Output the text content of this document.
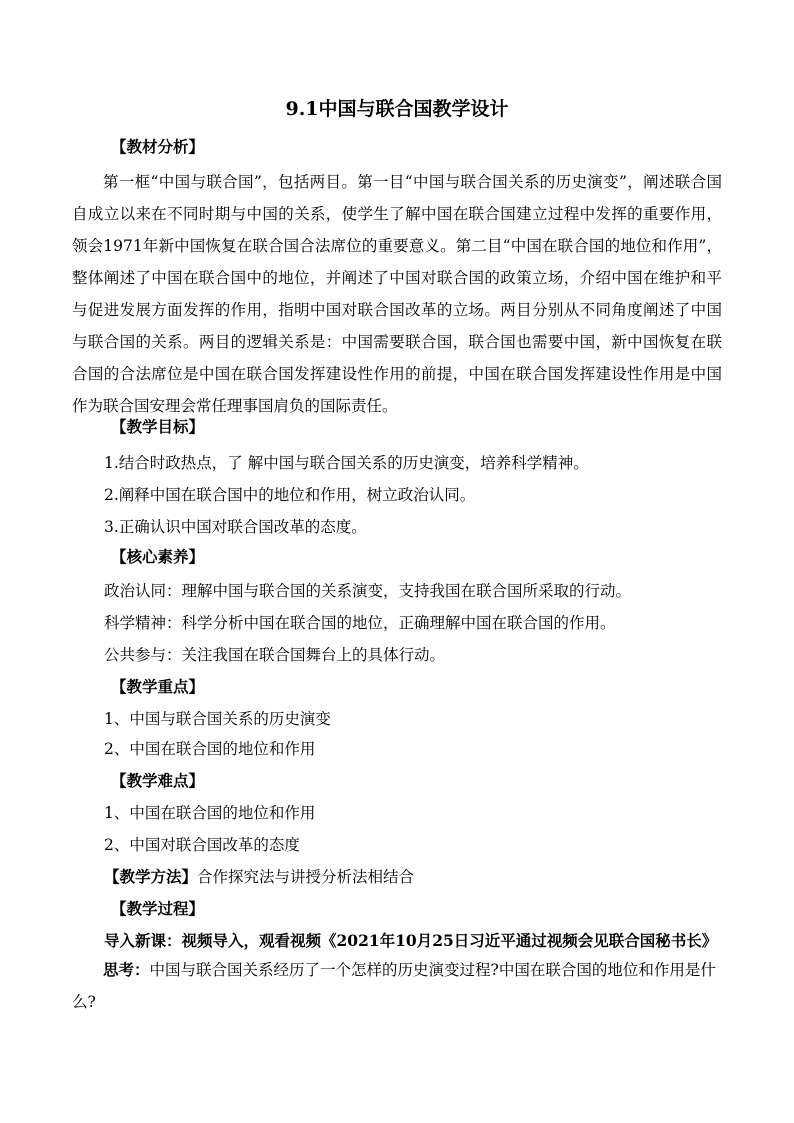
9.1中国与联合国教学设计
【教材分析】
第一框“中国与联合国”，包括两目。第一目“中国与联合国关系的历史演变”，阐述联合国自成立以来在不同时期与中国的关系，使学生了解中国在联合国建立过程中发挥的重要作用，领会1971年新中国恢复在联合国合法席位的重要意义。第二目“中国在联合国的地位和作用”，整体阐述了中国在联合国中的地位，并阐述了中国对联合国的政策立场，介绍中国在维护和平与促进发展方面发挥的作用，指明中国对联合国改革的立场。两目分别从不同角度阐述了中国与联合国的关系。两目的逻辑关系是：中国需要联合国，联合国也需要中国，新中国恢复在联合国的合法席位是中国在联合国发挥建设性作用的前提，中国在联合国发挥建设性作用是中国作为联合国安理会常任理事国肩负的国际责任。
【教学目标】
1.结合时政热点，了 解中国与联合国关系的历史演变，培养科学精神。
2.阐释中国在联合国中的地位和作用，树立政治认同。
3.正确认识中国对联合国改革的态度。
【核心素养】
政治认同：理解中国与联合国的关系演变，支持我国在联合国所采取的行动。
科学精神：科学分析中国在联合国的地位，正确理解中国在联合国的作用。
公共参与：关注我国在联合国舞台上的具体行动。
【教学重点】
1、中国与联合国关系的历史演变
2、中国在联合国的地位和作用
【教学难点】
1、中国在联合国的地位和作用
2、中国对联合国改革的态度
【教学方法】合作探究法与讲授分析法相结合
【教学过程】
导入新课：视频导入，观看视频《2021年10月25日习近平通过视频会见联合国秘书长》
思考：中国与联合国关系经历了一个怎样的历史演变过程?中国在联合国的地位和作用是什么?
